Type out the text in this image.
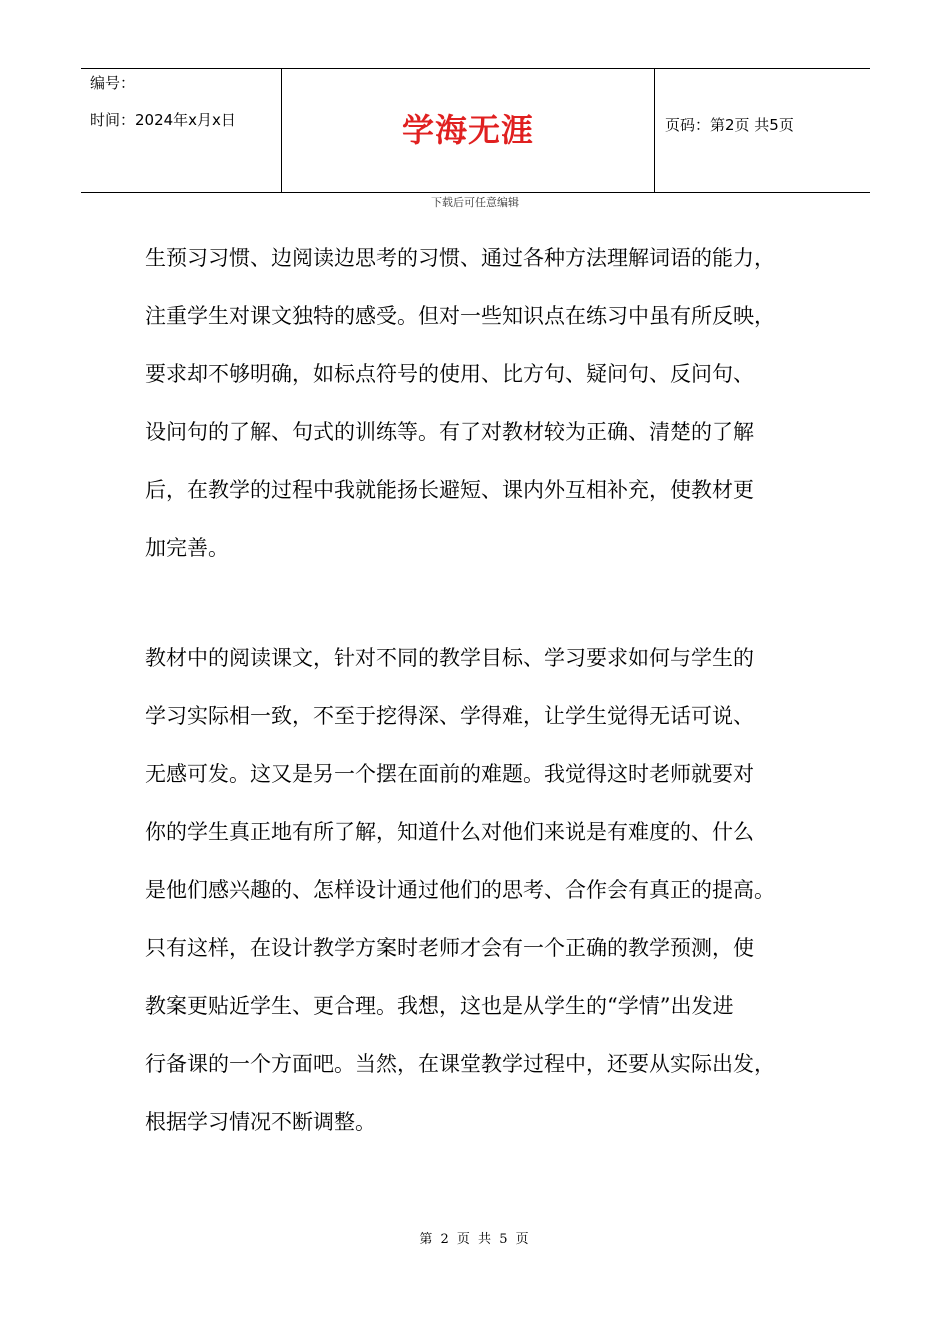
编号：
时间：2024年x月x日	学海无涯	页码：第2页 共5页
下载后可任意编辑
生预习习惯、边阅读边思考的习惯、通过各种方法理解词语的能力，
注重学生对课文独特的感受。但对一些知识点在练习中虽有所反映，
要求却不够明确，如标点符号的使用、比方句、疑问句、反问句、
设问句的了解、句式的训练等。有了对教材较为正确、清楚的了解
后，在教学的过程中我就能扬长避短、课内外互相补充，使教材更
加完善。
教材中的阅读课文，针对不同的教学目标、学习要求如何与学生的
学习实际相一致，不至于挖得深、学得难，让学生觉得无话可说、
无感可发。这又是另一个摆在面前的难题。我觉得这时老师就要对
你的学生真正地有所了解，知道什么对他们来说是有难度的、什么
是他们感兴趣的、怎样设计通过他们的思考、合作会有真正的提高。
只有这样，在设计教学方案时老师才会有一个正确的教学预测，使
教案更贴近学生、更合理。我想，这也是从学生的“学情”出发进
行备课的一个方面吧。当然，在课堂教学过程中，还要从实际出发，
根据学习情况不断调整。
第 2 页 共 5 页
